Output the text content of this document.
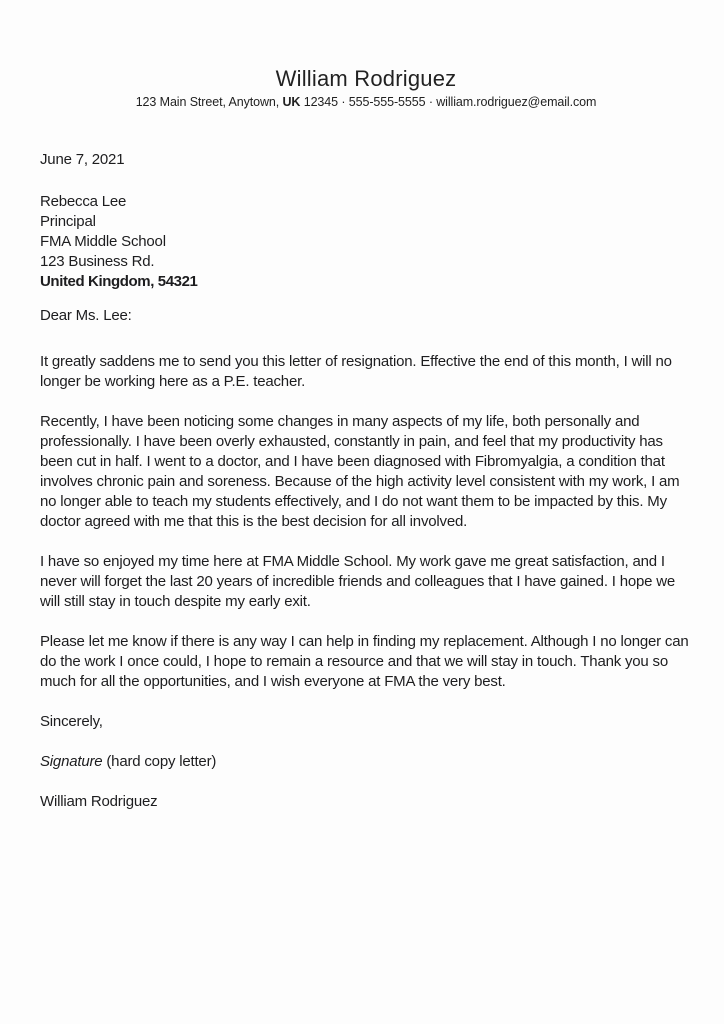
William Rodriguez
123 Main Street, Anytown, UK 12345 · 555-555-5555 · william.rodriguez@email.com

June 7, 2021

Rebecca Lee
Principal
FMA Middle School
123 Business Rd.
United Kingdom, 54321

Dear Ms. Lee:

It greatly saddens me to send you this letter of resignation. Effective the end of this month, I will no longer be working here as a P.E. teacher.

Recently, I have been noticing some changes in many aspects of my life, both personally and professionally. I have been overly exhausted, constantly in pain, and feel that my productivity has been cut in half. I went to a doctor, and I have been diagnosed with Fibromyalgia, a condition that involves chronic pain and soreness. Because of the high activity level consistent with my work, I am no longer able to teach my students effectively, and I do not want them to be impacted by this. My doctor agreed with me that this is the best decision for all involved.

I have so enjoyed my time here at FMA Middle School. My work gave me great satisfaction, and I never will forget the last 20 years of incredible friends and colleagues that I have gained. I hope we will still stay in touch despite my early exit.

Please let me know if there is any way I can help in finding my replacement. Although I no longer can do the work I once could, I hope to remain a resource and that we will stay in touch. Thank you so much for all the opportunities, and I wish everyone at FMA the very best.

Sincerely,

Signature (hard copy letter)

William Rodriguez
